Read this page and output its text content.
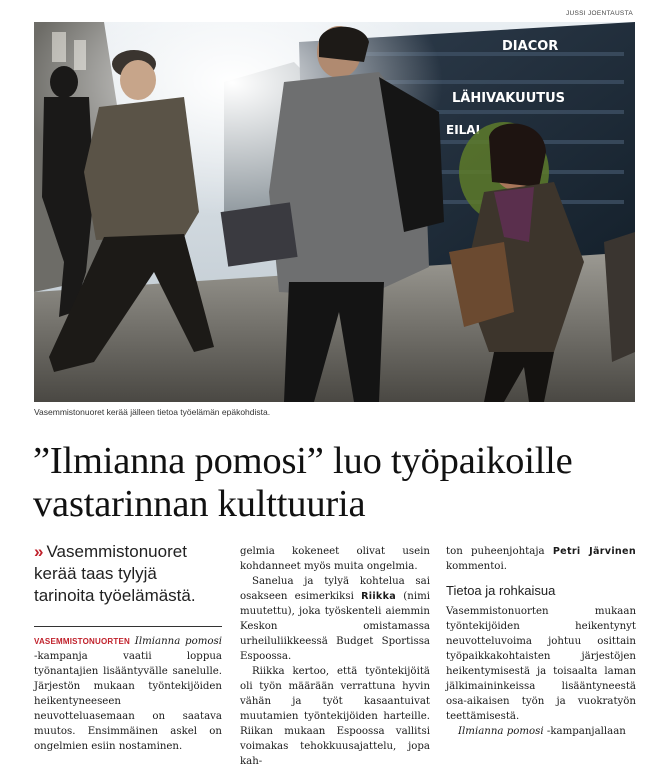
JUSSI JOENTAUSTA
Vasemmistonuoret kerää jälleen tietoa työelämän epäkohdista.
”Ilmianna pomosi” luo työpaikoille
vastarinnan kulttuuria

» Vasemmistonuoret kerää taas tylyjä tarinoita työelämästä.

VASEMMISTONUORTEN Ilmianna pomosi -kampanja vaatii loppua työnantajien lisääntyvälle sanelulle. Järjestön mukaan työntekijöiden heikentyneeseen neuvotteluasemaan on saatava muutos. Ensimmäinen askel on ongelmien esiin nostaminen.

gelmia kokeneet olivat usein kohdanneet myös muita ongelmia.

Sanelua ja tylyä kohtelua sai osakseen esimerkiksi Riikka (nimi muutettu), joka työskenteli aiemmin Keskon omistamassa urheiluliikkeessä Budget Sportissa Espoossa.

Riikka kertoo, että työntekijöitä oli työn määrään verrattuna hyvin vähän ja työt kasaantuivat muutamien työntekijöiden harteille. Riikan mukaan Espoossa vallitsi voimakas tehokkuusajattelu, jopa kah-

ton puheenjohtaja Petri Järvinen kommentoi.

Tietoa ja rohkaisua

Vasemmistonuorten mukaan työntekijöiden heikentynyt neuvotteluvoima johtuu osittain työpaikkakohtaisten järjestöjen heikentymisestä ja toisaalta laman jälkimaininkeissa lisääntyneestä osa-aikaisen työn ja vuokratyön teettämisestä.

Ilmianna pomosi -kampanjallaan
